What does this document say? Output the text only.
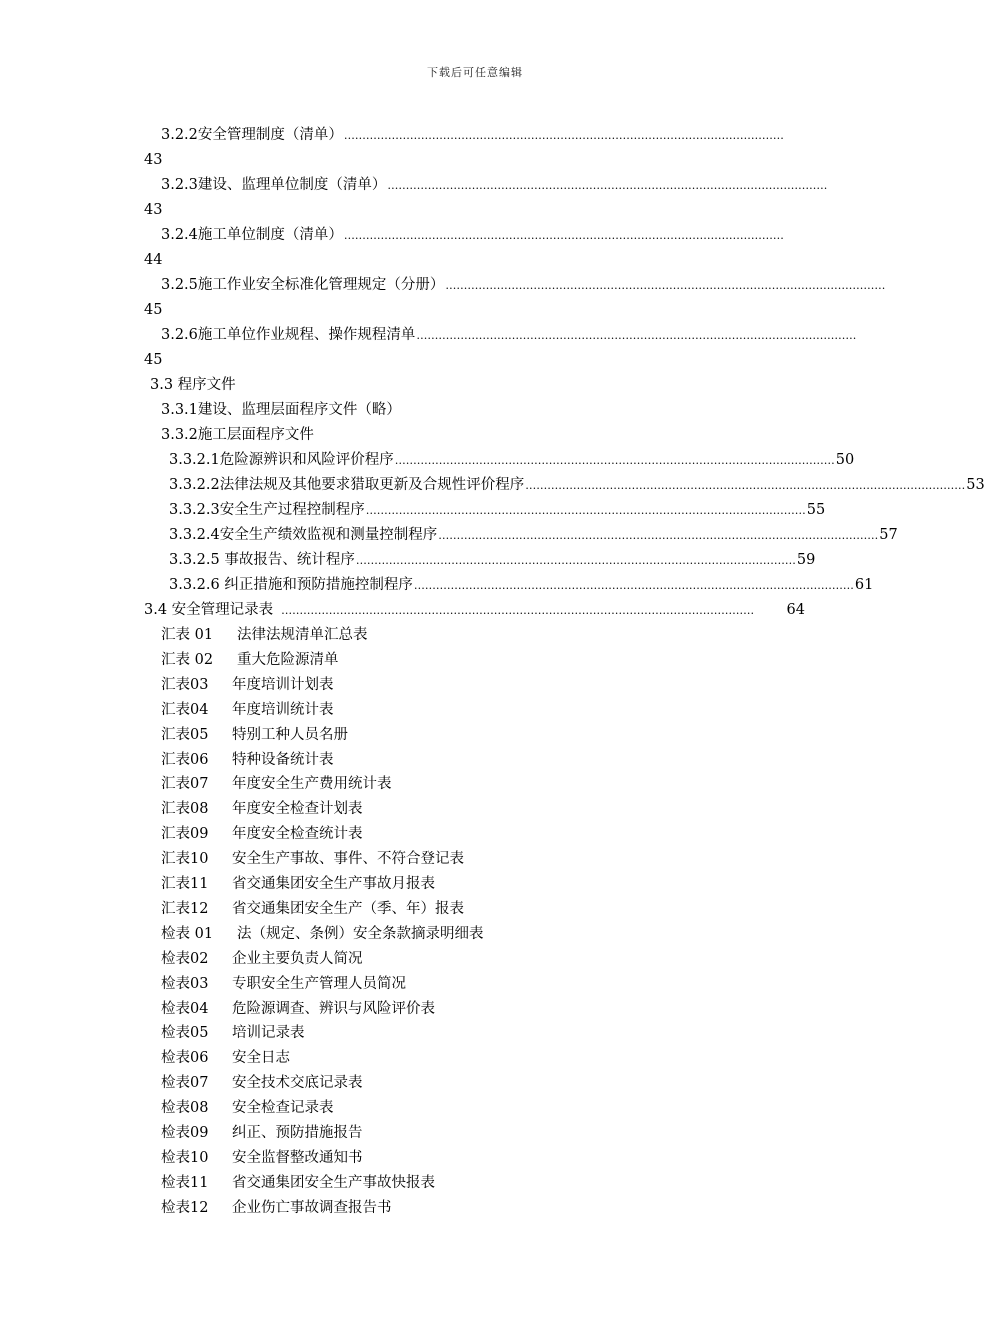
下载后可任意编辑
3.2.2安全管理制度（清单） …………………………………………………………………………………………………………
43
3.2.3建设、监理单位制度（清单） …………………………………………………………………………………………………………
43
3.2.4施工单位制度（清单） …………………………………………………………………………………………………………
44
3.2.5施工作业安全标准化管理规定（分册） …………………………………………………………………………………………………………
45
3.2.6施工单位作业规程、操作规程清单 …………………………………………………………………………………………………………
45
3.3 程序文件
3.3.1建设、监理层面程序文件（略）
3.3.2施工层面程序文件
3.3.2.1危险源辨识和风险评价程序 ………………………………………………………………………………………………………… 50
3.3.2.2法律法规及其他要求猎取更新及合规性评价程序 ………………………………………………………………………………………………………… 53
3.3.2.3安全生产过程控制程序 ………………………………………………………………………………………………………… 55
3.3.2.4安全生产绩效监视和测量控制程序 ………………………………………………………………………………………………………… 57
3.3.2.5 事故报告、统计程序 ………………………………………………………………………………………………………… 59
3.3.2.6 纠正措施和预防措施控制程序 ………………………………………………………………………………………………………… 61
3.4 安全管理记录表 …………………………………………………………………………………………………………………	64
汇表 01 法律法规清单汇总表
汇表 02 重大危险源清单
汇表03 年度培训计划表
汇表04 年度培训统计表
汇表05 特别工种人员名册
汇表06 特种设备统计表
汇表07 年度安全生产费用统计表
汇表08 年度安全检查计划表
汇表09 年度安全检查统计表
汇表10 安全生产事故、事件、不符合登记表
汇表11 省交通集团安全生产事故月报表
汇表12 省交通集团安全生产（季、年）报表
检表 01 法（规定、条例）安全条款摘录明细表
检表02 企业主要负责人简况
检表03 专职安全生产管理人员简况
检表04 危险源调查、辨识与风险评价表
检表05 培训记录表
检表06 安全日志
检表07 安全技术交底记录表
检表08 安全检查记录表
检表09 纠正、预防措施报告
检表10 安全监督整改通知书
检表11 省交通集团安全生产事故快报表
检表12 企业伤亡事故调查报告书
